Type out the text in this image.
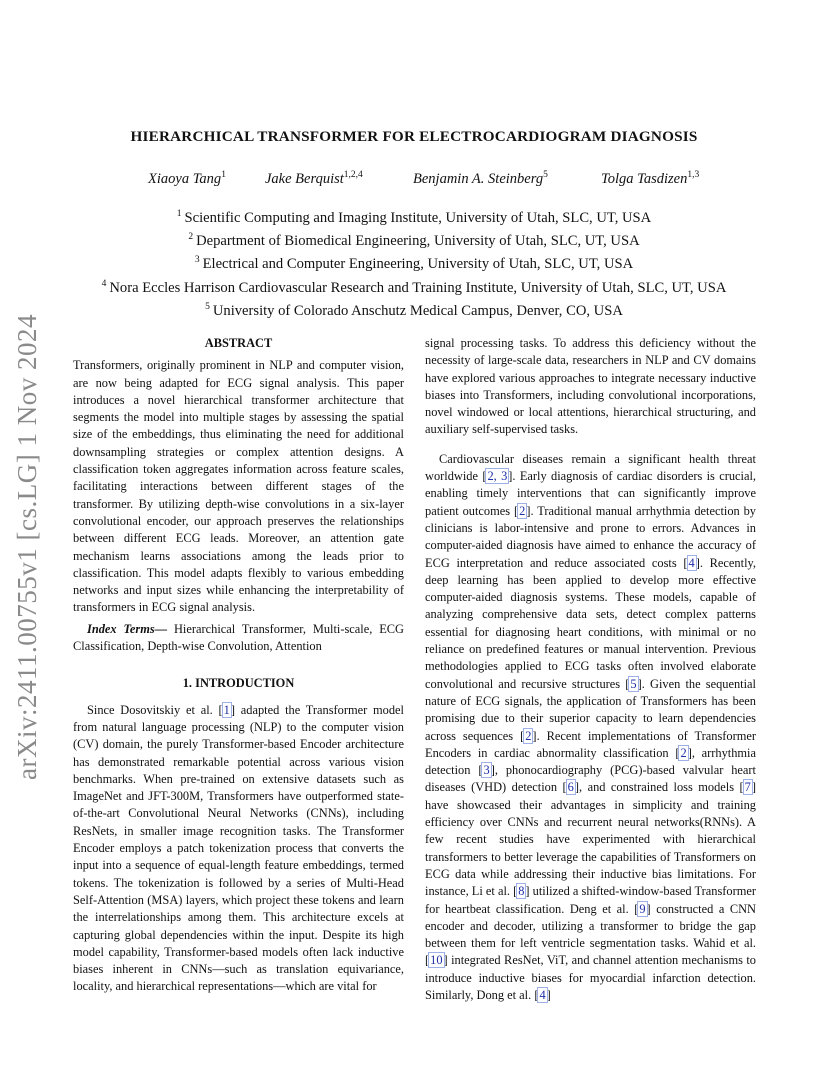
arXiv:2411.00755v1 [cs.LG] 1 Nov 2024
HIERARCHICAL TRANSFORMER FOR ELECTROCARDIOGRAM DIAGNOSIS
Xiaoya Tang$^1$	Jake Berquist$^{1,2,4}$	Benjamin A. Steinberg$^5$	Tolga Tasdizen$^{1,3}$
$^1$ Scientific Computing and Imaging Institute, University of Utah, SLC, UT, USA
$^2$ Department of Biomedical Engineering, University of Utah, SLC, UT, USA
$^3$ Electrical and Computer Engineering, University of Utah, SLC, UT, USA
$^4$ Nora Eccles Harrison Cardiovascular Research and Training Institute, University of Utah, SLC, UT, USA
$^5$ University of Colorado Anschutz Medical Campus, Denver, CO, USA
ABSTRACT

Transformers, originally prominent in NLP and computer vision, are now being adapted for ECG signal analysis. This paper introduces a novel hierarchical transformer architecture that segments the model into multiple stages by assessing the spatial size of the embeddings, thus eliminating the need for additional downsampling strategies or complex attention designs. A classification token aggregates information across feature scales, facilitating interactions between different stages of the transformer. By utilizing depth-wise convolutions in a six-layer convolutional encoder, our approach preserves the relationships between different ECG leads. Moreover, an attention gate mechanism learns associations among the leads prior to classification. This model adapts flexibly to various embedding networks and input sizes while enhancing the interpretability of transformers in ECG signal analysis.

Index Terms— Hierarchical Transformer, Multi-scale, ECG Classification, Depth-wise Convolution, Attention

1. INTRODUCTION

Since Dosovitskiy et al. [1] adapted the Transformer model from natural language processing (NLP) to the computer vision (CV) domain, the purely Transformer-based Encoder architecture has demonstrated remarkable potential across various vision benchmarks. When pre-trained on extensive datasets such as ImageNet and JFT-300M, Transformers have outperformed state-of-the-art Convolutional Neural Networks (CNNs), including ResNets, in smaller image recognition tasks. The Transformer Encoder employs a patch tokenization process that converts the input into a sequence of equal-length feature embeddings, termed tokens. The tokenization is followed by a series of Multi-Head Self-Attention (MSA) layers, which project these tokens and learn the interrelationships among them. This architecture excels at capturing global dependencies within the input. Despite its high model capability, Transformer-based models often lack inductive biases inherent in CNNs—such as translation equivariance, locality, and hierarchical representations—which are vital for

signal processing tasks. To address this deficiency without the necessity of large-scale data, researchers in NLP and CV domains have explored various approaches to integrate necessary inductive biases into Transformers, including convolutional incorporations, novel windowed or local attentions, hierarchical structuring, and auxiliary self-supervised tasks.

Cardiovascular diseases remain a significant health threat worldwide [2, 3]. Early diagnosis of cardiac disorders is crucial, enabling timely interventions that can significantly improve patient outcomes [2]. Traditional manual arrhythmia detection by clinicians is labor-intensive and prone to errors. Advances in computer-aided diagnosis have aimed to enhance the accuracy of ECG interpretation and reduce associated costs [4]. Recently, deep learning has been applied to develop more effective computer-aided diagnosis systems. These models, capable of analyzing comprehensive data sets, detect complex patterns essential for diagnosing heart conditions, with minimal or no reliance on predefined features or manual intervention. Previous methodologies applied to ECG tasks often involved elaborate convolutional and recursive structures [5]. Given the sequential nature of ECG signals, the application of Transformers has been promising due to their superior capacity to learn dependencies across sequences [2]. Recent implementations of Transformer Encoders in cardiac abnormality classification [2], arrhythmia detection [3], phonocardiography (PCG)-based valvular heart diseases (VHD) detection [6], and constrained loss models [7] have showcased their advantages in simplicity and training efficiency over CNNs and recurrent neural networks(RNNs). A few recent studies have experimented with hierarchical transformers to better leverage the capabilities of Transformers on ECG data while addressing their inductive bias limitations. For instance, Li et al. [8] utilized a shifted-window-based Transformer for heartbeat classification. Deng et al. [9] constructed a CNN encoder and decoder, utilizing a transformer to bridge the gap between them for left ventricle segmentation tasks. Wahid et al. [10] integrated ResNet, ViT, and channel attention mechanisms to introduce inductive biases for myocardial infarction detection. Similarly, Dong et al. [4]
